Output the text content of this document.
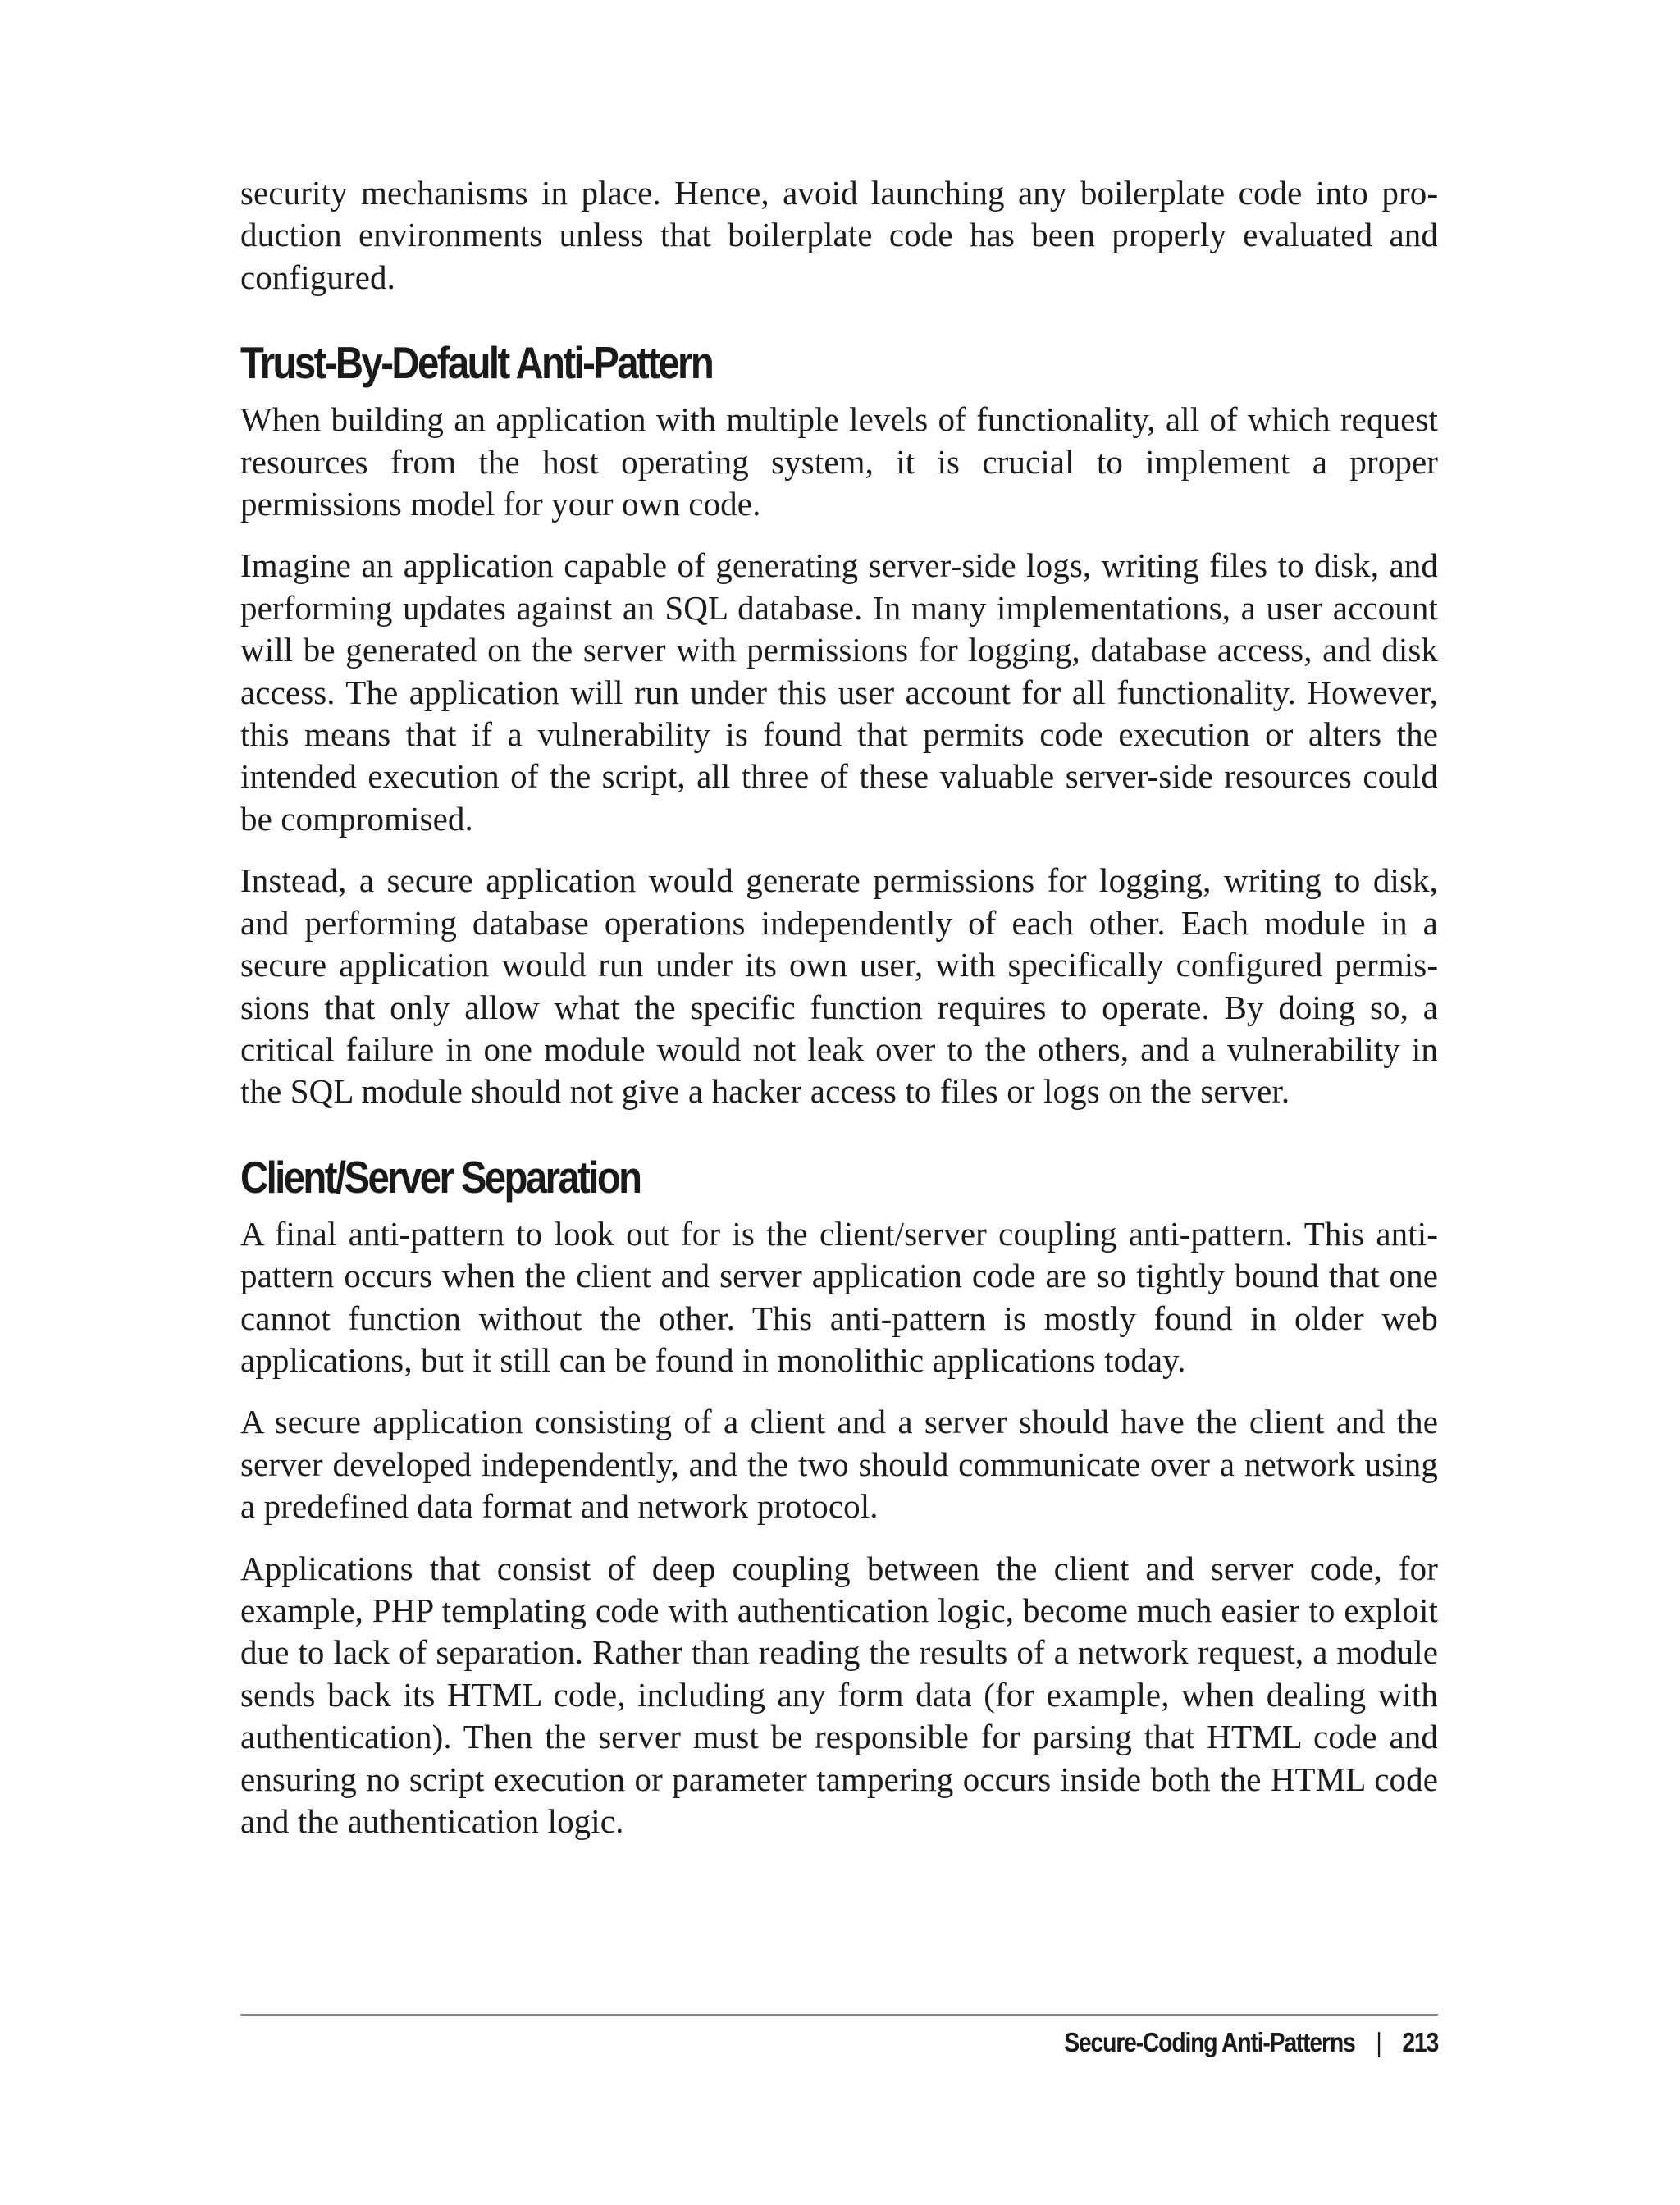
security mechanisms in place. Hence, avoid launching any boilerplate code into production environments unless that boilerplate code has been properly evaluated and configured.

Trust-By-Default Anti-Pattern

When building an application with multiple levels of functionality, all of which request resources from the host operating system, it is crucial to implement a proper permissions model for your own code.

Imagine an application capable of generating server-side logs, writing files to disk, and performing updates against an SQL database. In many implementations, a user account will be generated on the server with permissions for logging, database access, and disk access. The application will run under this user account for all functionality. However, this means that if a vulnerability is found that permits code execution or alters the intended execution of the script, all three of these valuable server-side resources could be compromised.

Instead, a secure application would generate permissions for logging, writing to disk, and performing database operations independently of each other. Each module in a secure application would run under its own user, with specifically configured permissions that only allow what the specific function requires to operate. By doing so, a critical failure in one module would not leak over to the others, and a vulnerability in the SQL module should not give a hacker access to files or logs on the server.

Client/Server Separation

A final anti-pattern to look out for is the client/server coupling anti-pattern. This anti-pattern occurs when the client and server application code are so tightly bound that one cannot function without the other. This anti-pattern is mostly found in older web applications, but it still can be found in monolithic applications today.

A secure application consisting of a client and a server should have the client and the server developed independently, and the two should communicate over a network using a predefined data format and network protocol.

Applications that consist of deep coupling between the client and server code, for example, PHP templating code with authentication logic, become much easier to exploit due to lack of separation. Rather than reading the results of a network request, a module sends back its HTML code, including any form data (for example, when dealing with authentication). Then the server must be responsible for parsing that HTML code and ensuring no script execution or parameter tampering occurs inside both the HTML code and the authentication logic.

Secure-Coding Anti-Patterns | 213
